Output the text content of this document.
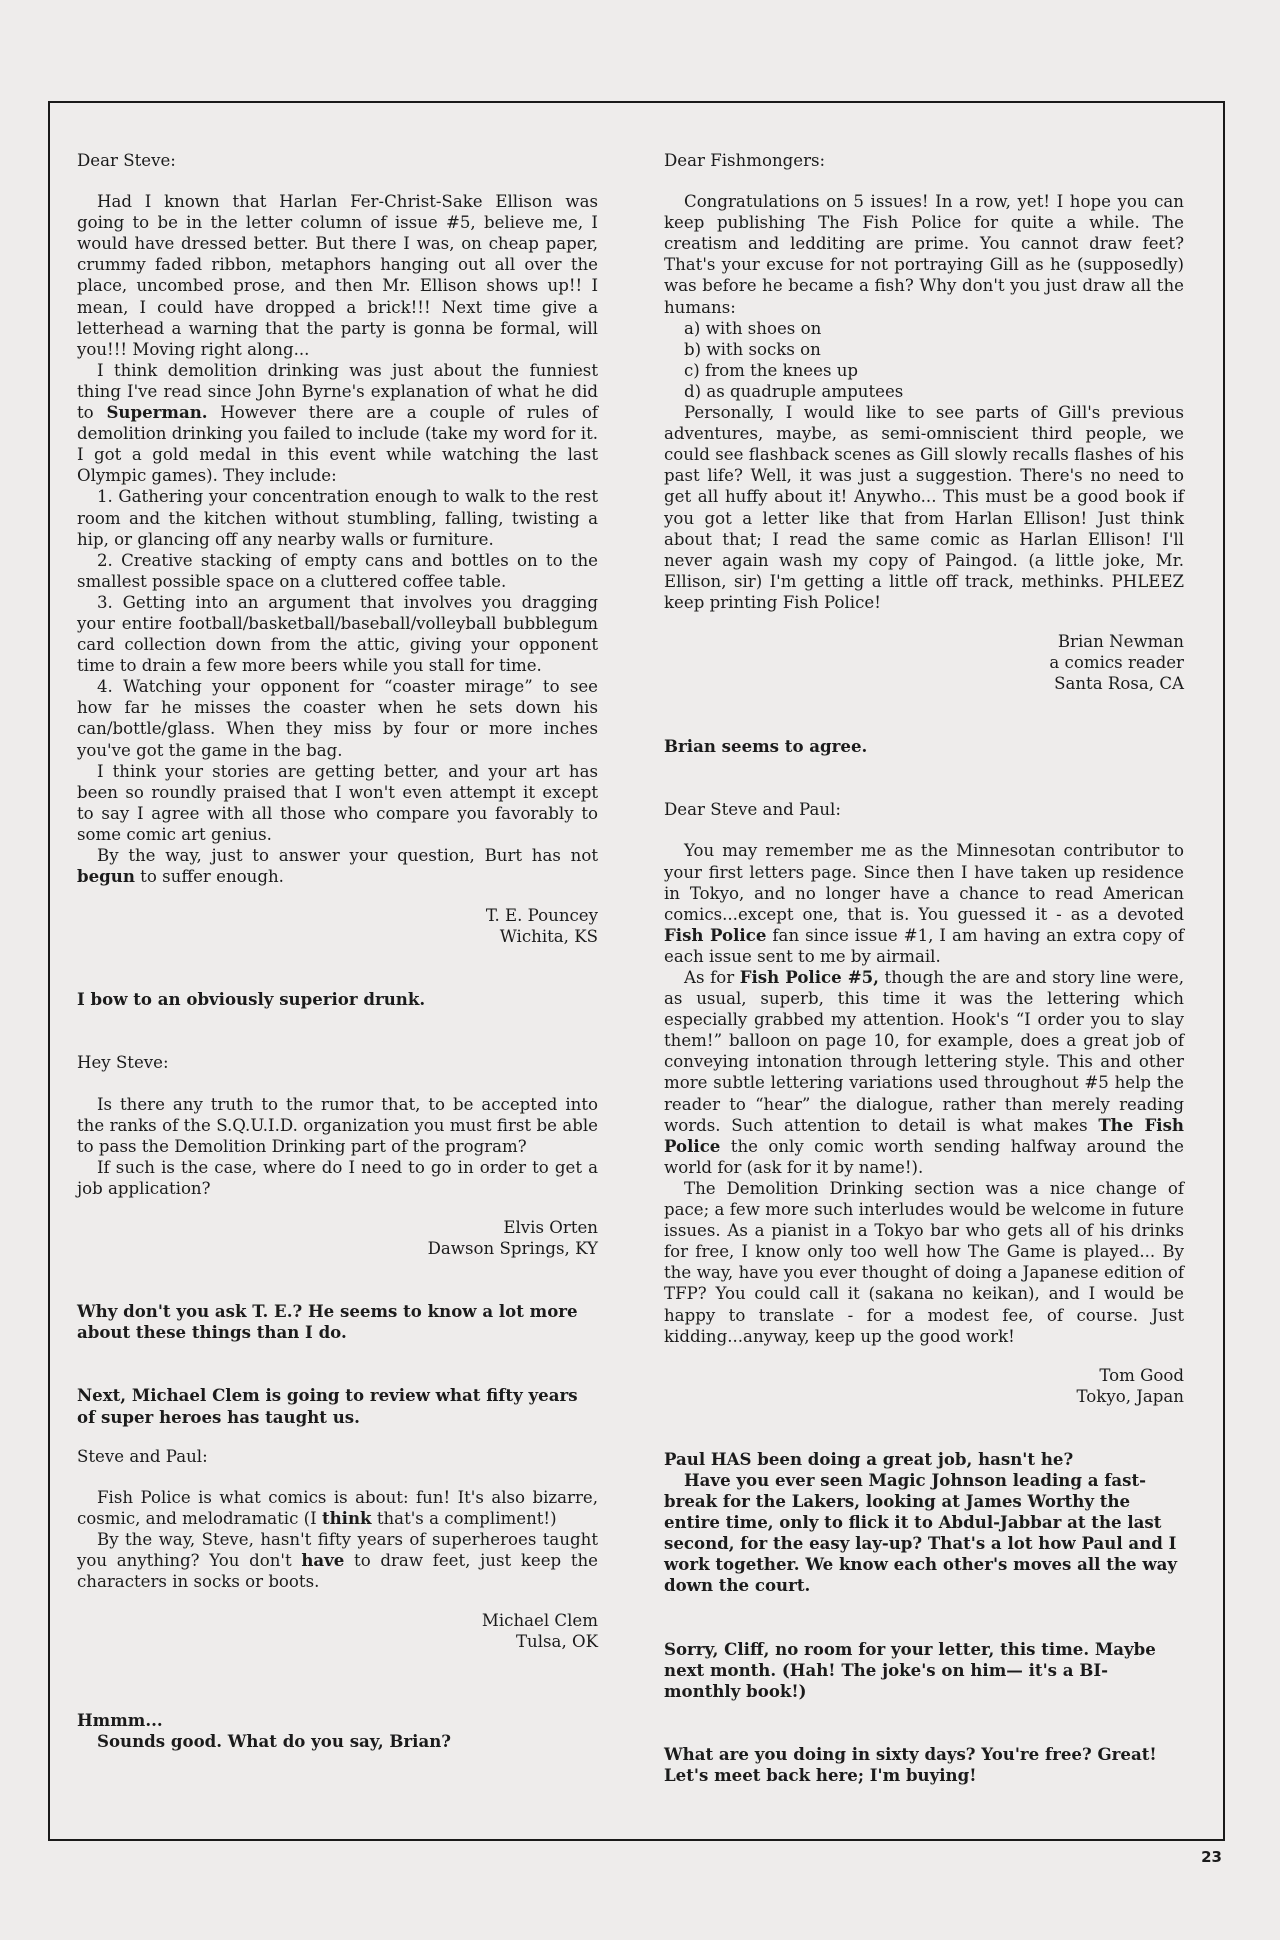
Dear Steve:

Had I known that Harlan Fer-Christ-Sake Ellison was going to be in the letter column of issue #5, believe me, I would have dressed better. But there I was, on cheap paper, crummy faded ribbon, metaphors hanging out all over the place, uncombed prose, and then Mr. Ellison shows up!! I mean, I could have dropped a brick!!! Next time give a letterhead a warning that the party is gonna be formal, will you!!! Moving right along...

I think demolition drinking was just about the funniest thing I've read since John Byrne's explanation of what he did to Superman. However there are a couple of rules of demolition drinking you failed to include (take my word for it. I got a gold medal in this event while watching the last Olympic games). They include:

1. Gathering your concentration enough to walk to the rest room and the kitchen without stumbling, falling, twisting a hip, or glancing off any nearby walls or furniture.

2. Creative stacking of empty cans and bottles on to the smallest possible space on a cluttered coffee table.

3. Getting into an argument that involves you dragging your entire football/basketball/baseball/volleyball bubblegum card collection down from the attic, giving your opponent time to drain a few more beers while you stall for time.

4. Watching your opponent for “coaster mirage” to see how far he misses the coaster when he sets down his can/bottle/glass. When they miss by four or more inches you've got the game in the bag.

I think your stories are getting better, and your art has been so roundly praised that I won't even attempt it except to say I agree with all those who compare you favorably to some comic art genius.

By the way, just to answer your question, Burt has not begun to suffer enough.

T. E. Pouncey
Wichita, KS

I bow to an obviously superior drunk.

Hey Steve:

Is there any truth to the rumor that, to be accepted into the ranks of the S.Q.U.I.D. organization you must first be able to pass the Demolition Drinking part of the program?

If such is the case, where do I need to go in order to get a job application?

Elvis Orten
Dawson Springs, KY

Why don't you ask T. E.? He seems to know a lot more about these things than I do.

Next, Michael Clem is going to review what fifty years of super heroes has taught us.

Steve and Paul:

Fish Police is what comics is about: fun! It's also bizarre, cosmic, and melodramatic (I think that's a compliment!)

By the way, Steve, hasn't fifty years of superheroes taught you anything? You don't have to draw feet, just keep the characters in socks or boots.

Michael Clem
Tulsa, OK

Hmmm...

Sounds good. What do you say, Brian?

Dear Fishmongers:

Congratulations on 5 issues! In a row, yet! I hope you can keep publishing The Fish Police for quite a while. The creatism and ledditing are prime. You cannot draw feet? That's your excuse for not portraying Gill as he (supposedly) was before he became a fish? Why don't you just draw all the humans:

a) with shoes on

b) with socks on

c) from the knees up

d) as quadruple amputees

Personally, I would like to see parts of Gill's previous adventures, maybe, as semi-omniscient third people, we could see flashback scenes as Gill slowly recalls flashes of his past life? Well, it was just a suggestion. There's no need to get all huffy about it! Anywho... This must be a good book if you got a letter like that from Harlan Ellison! Just think about that; I read the same comic as Harlan Ellison! I'll never again wash my copy of Paingod. (a little joke, Mr. Ellison, sir) I'm getting a little off track, methinks. PHLEEZ keep printing Fish Police!

Brian Newman
a comics reader
Santa Rosa, CA

Brian seems to agree.

Dear Steve and Paul:

You may remember me as the Minnesotan contributor to your first letters page. Since then I have taken up residence in Tokyo, and no longer have a chance to read American comics...except one, that is. You guessed it - as a devoted Fish Police fan since issue #1, I am having an extra copy of each issue sent to me by airmail.

As for Fish Police #5, though the are and story line were, as usual, superb, this time it was the lettering which especially grabbed my attention. Hook's “I order you to slay them!” balloon on page 10, for example, does a great job of conveying intonation through lettering style. This and other more subtle lettering variations used throughout #5 help the reader to “hear” the dialogue, rather than merely reading words. Such attention to detail is what makes The Fish Police the only comic worth sending halfway around the world for (ask for it by name!).

The Demolition Drinking section was a nice change of pace; a few more such interludes would be welcome in future issues. As a pianist in a Tokyo bar who gets all of his drinks for free, I know only too well how The Game is played... By the way, have you ever thought of doing a Japanese edition of TFP? You could call it (sakana no keikan), and I would be happy to translate - for a modest fee, of course. Just kidding...anyway, keep up the good work!

Tom Good
Tokyo, Japan

Paul HAS been doing a great job, hasn't he?

Have you ever seen Magic Johnson leading a fast-break for the Lakers, looking at James Worthy the entire time, only to flick it to Abdul-Jabbar at the last second, for the easy lay-up? That's a lot how Paul and I work together. We know each other's moves all the way down the court.

Sorry, Cliff, no room for your letter, this time. Maybe next month. (Hah! The joke's on him— it's a BI-monthly book!)

What are you doing in sixty days? You're free? Great! Let's meet back here; I'm buying!

23
